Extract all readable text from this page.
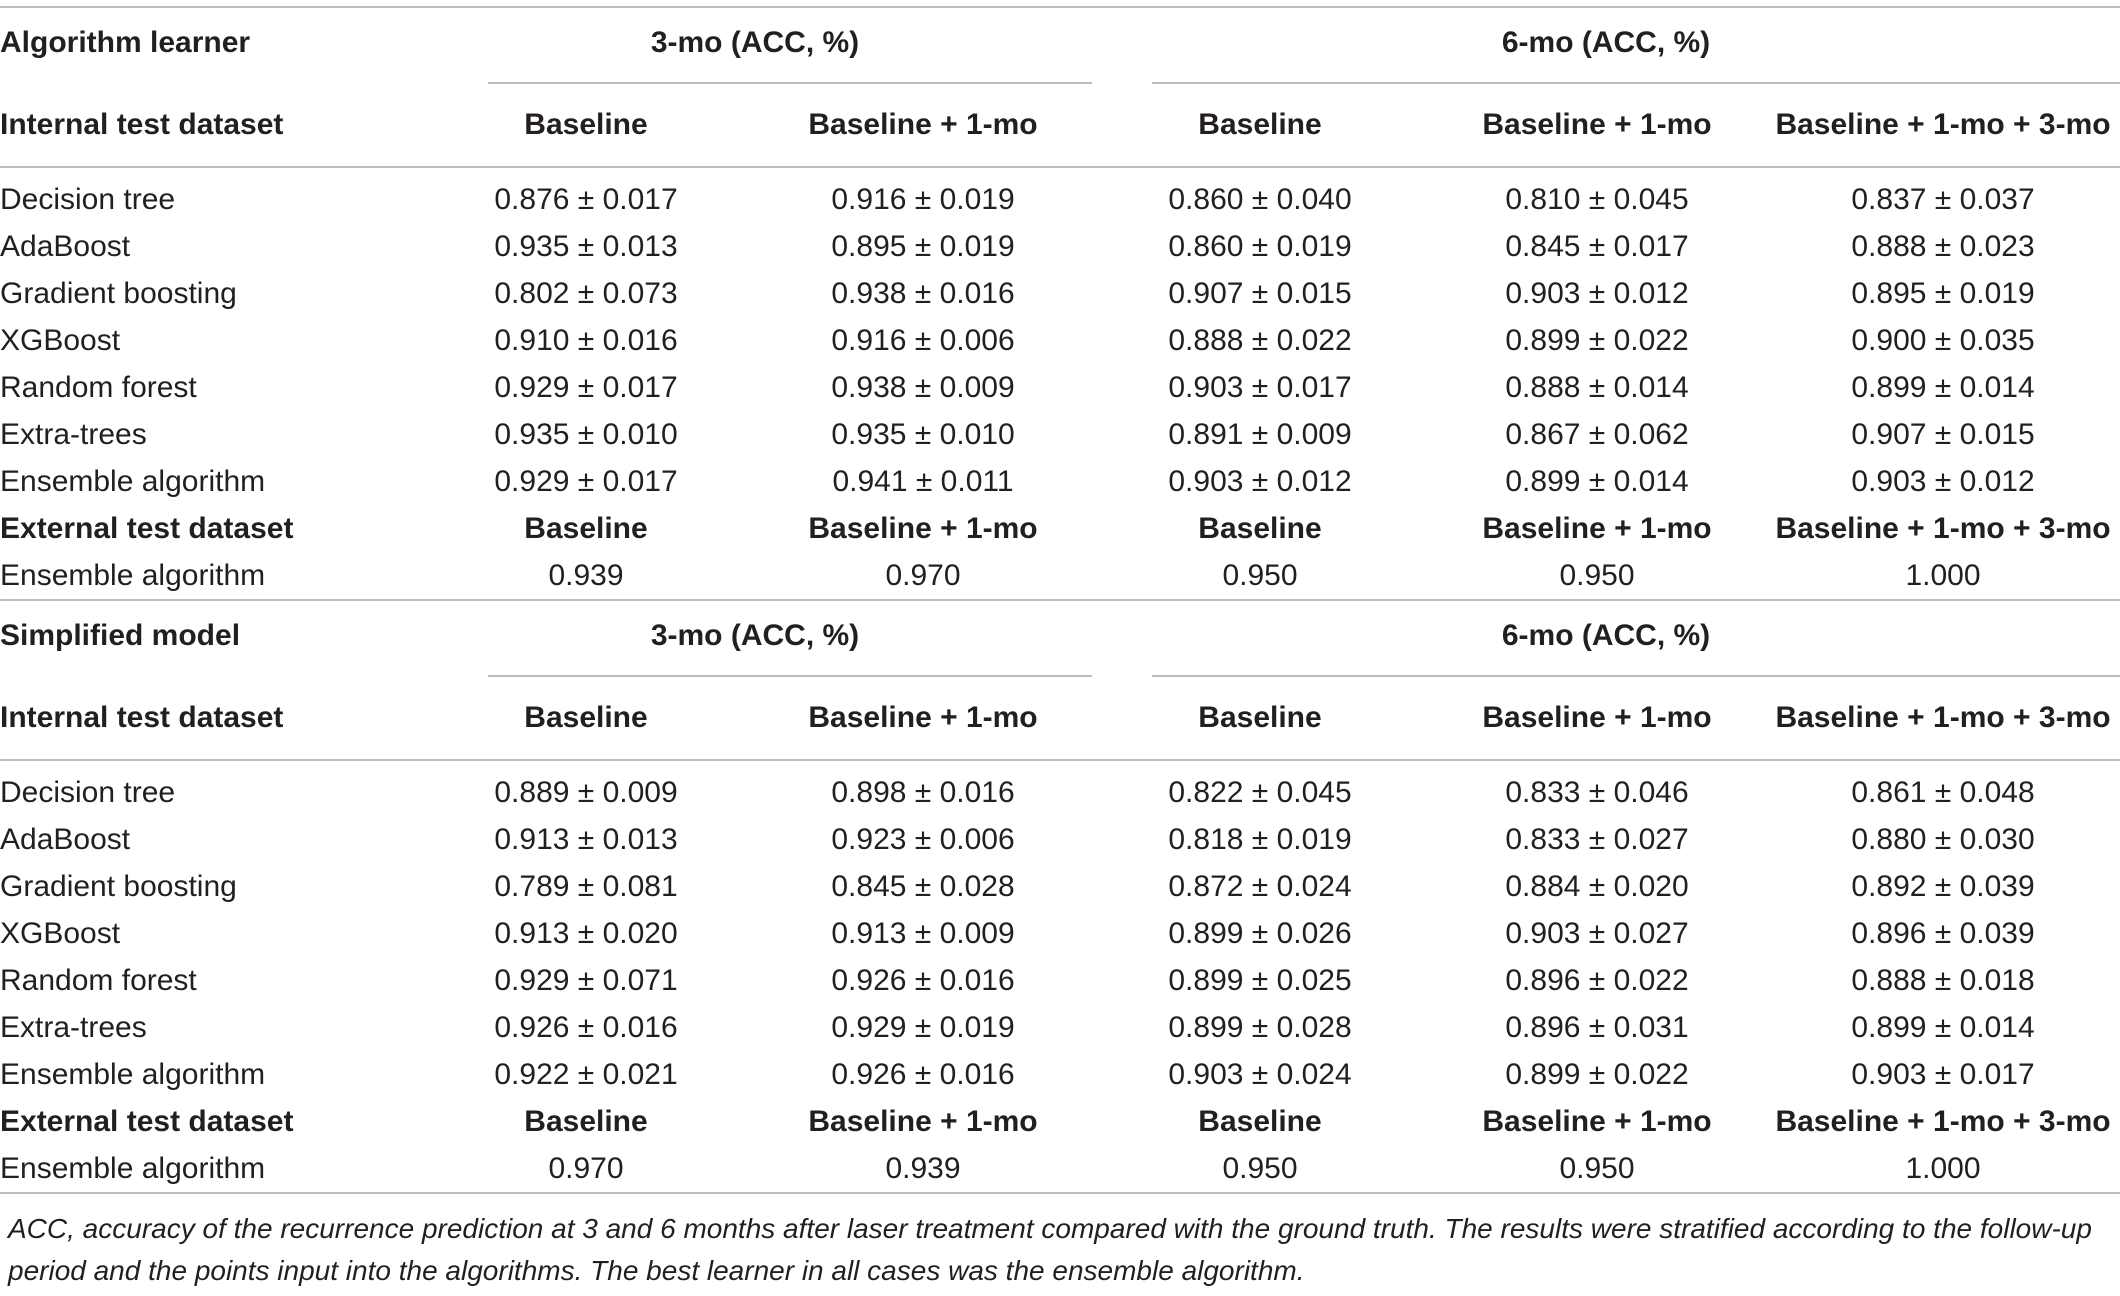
Algorithm learner	3-mo (ACC, %)		6-mo (ACC, %)		
Internal test dataset	Baseline	Baseline + 1-mo	Baseline	Baseline + 1-mo	Baseline + 1-mo + 3-mo
Decision tree	0.876 ± 0.017	0.916 ± 0.019	0.860 ± 0.040	0.810 ± 0.045	0.837 ± 0.037
AdaBoost	0.935 ± 0.013	0.895 ± 0.019	0.860 ± 0.019	0.845 ± 0.017	0.888 ± 0.023
Gradient boosting	0.802 ± 0.073	0.938 ± 0.016	0.907 ± 0.015	0.903 ± 0.012	0.895 ± 0.019
XGBoost	0.910 ± 0.016	0.916 ± 0.006	0.888 ± 0.022	0.899 ± 0.022	0.900 ± 0.035
Random forest	0.929 ± 0.017	0.938 ± 0.009	0.903 ± 0.017	0.888 ± 0.014	0.899 ± 0.014
Extra-trees	0.935 ± 0.010	0.935 ± 0.010	0.891 ± 0.009	0.867 ± 0.062	0.907 ± 0.015
Ensemble algorithm	0.929 ± 0.017	0.941 ± 0.011	0.903 ± 0.012	0.899 ± 0.014	0.903 ± 0.012
External test dataset	Baseline	Baseline + 1-mo	Baseline	Baseline + 1-mo	Baseline + 1-mo + 3-mo
Ensemble algorithm	0.939	0.970	0.950	0.950	1.000
Simplified model	3-mo (ACC, %)		6-mo (ACC, %)		
Internal test dataset	Baseline	Baseline + 1-mo	Baseline	Baseline + 1-mo	Baseline + 1-mo + 3-mo
Decision tree	0.889 ± 0.009	0.898 ± 0.016	0.822 ± 0.045	0.833 ± 0.046	0.861 ± 0.048
AdaBoost	0.913 ± 0.013	0.923 ± 0.006	0.818 ± 0.019	0.833 ± 0.027	0.880 ± 0.030
Gradient boosting	0.789 ± 0.081	0.845 ± 0.028	0.872 ± 0.024	0.884 ± 0.020	0.892 ± 0.039
XGBoost	0.913 ± 0.020	0.913 ± 0.009	0.899 ± 0.026	0.903 ± 0.027	0.896 ± 0.039
Random forest	0.929 ± 0.071	0.926 ± 0.016	0.899 ± 0.025	0.896 ± 0.022	0.888 ± 0.018
Extra-trees	0.926 ± 0.016	0.929 ± 0.019	0.899 ± 0.028	0.896 ± 0.031	0.899 ± 0.014
Ensemble algorithm	0.922 ± 0.021	0.926 ± 0.016	0.903 ± 0.024	0.899 ± 0.022	0.903 ± 0.017
External test dataset	Baseline	Baseline + 1-mo	Baseline	Baseline + 1-mo	Baseline + 1-mo + 3-mo
Ensemble algorithm	0.970	0.939	0.950	0.950	1.000
ACC, accuracy of the recurrence prediction at 3 and 6 months after laser treatment compared with the ground truth. The results were stratified according to the follow-up period and the points input into the algorithms. The best learner in all cases was the ensemble algorithm.
